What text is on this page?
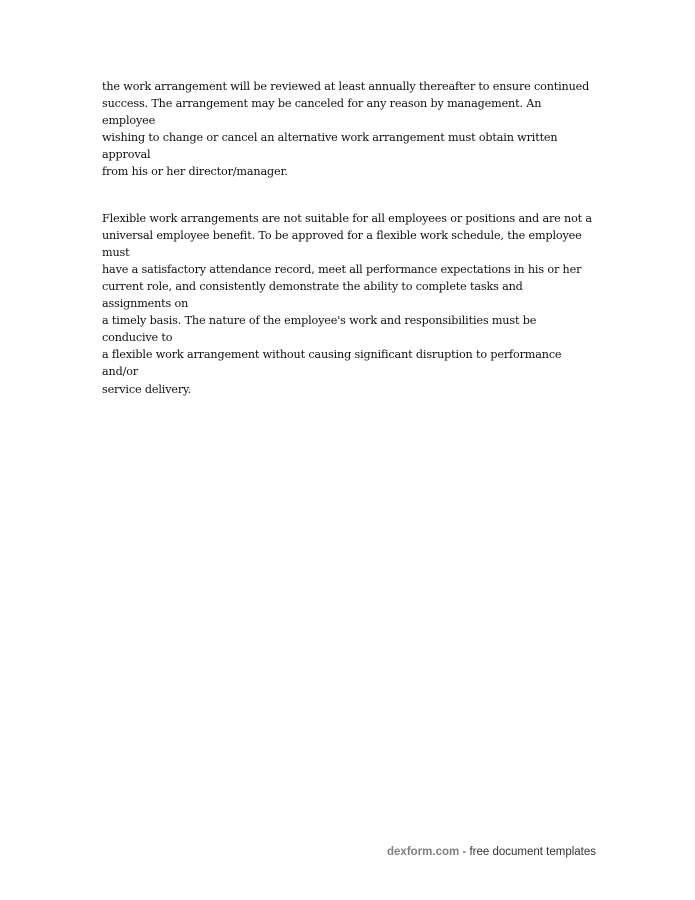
the work arrangement will be reviewed at least annually thereafter to ensure continued
success. The arrangement may be canceled for any reason by management. An employee
wishing to change or cancel an alternative work arrangement must obtain written approval
from his or her director/manager.

Flexible work arrangements are not suitable for all employees or positions and are not a
universal employee benefit. To be approved for a flexible work schedule, the employee must
have a satisfactory attendance record, meet all performance expectations in his or her
current role, and consistently demonstrate the ability to complete tasks and assignments on
a timely basis. The nature of the employee's work and responsibilities must be conducive to
a flexible work arrangement without causing significant disruption to performance and/or
service delivery.

dexform.com - free document templates
